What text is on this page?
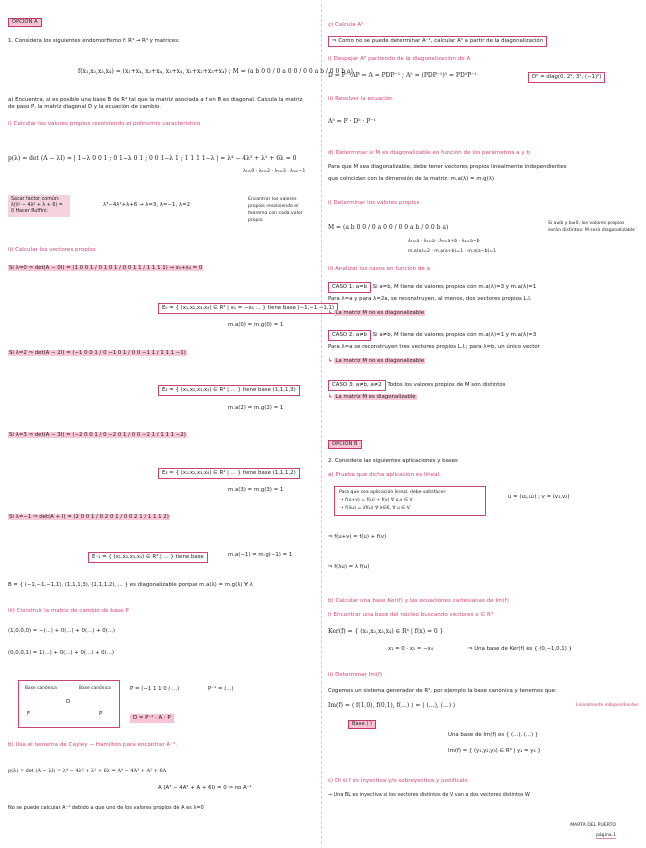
OPCIÓN A
1. Considera los siguientes endomorfismo f: R⁴ → R⁴ y matrices:
f(x₁,x₂,x₃,x₄) = (x₁+x₄, x₂+x₄, x₃+x₄, x₁+x₂+x₃+x₄) ; M = (a b 0 0 / 0 a 0 0 / 0 0 a b / 0 0 b a)
a) Encuentra, si es posible una base B de R⁴ tal que la matriz asociada a f en B es diagonal. Calcula la matriz de paso P, la matriz diagonal D y la ecuación de cambio.
i) Calcular los valores propios resolviendo el polinomio característico
p(λ) = det (A − λI) = | 1−λ 0 0 1 ; 0 1−λ 0 1 ; 0 0 1−λ 1 ; 1 1 1 1−λ | = λ⁴ − 4λ³ + λ² + 6λ = 0
λ₁=0 · λ₂=2 · λ₃=3 · λ₄=−1
Sacar factor común: λ(λ³ − 4λ² + λ + 6) = 0 Hacer Ruffini:
λ³−4λ²+λ+6 → λ=3, λ=−1, λ=2
Encontrar los valores propios resolviendo el teorema con cada valor propio
ii) Calcular los vectores propios
Si λ=0 ⇒ det(A − 0I) = (1 0 0 1 / 0 1 0 1 / 0 0 1 1 / 1 1 1 1) → x₁+x₄ = 0
E₀ = { (x₁,x₂,x₃,x₄) ∈ R⁴ | x₁ = −x₄ ... } tiene base (−1,−1,−1,1)
m.a(0) = m.g(0) = 1
Si λ=2 ⇒ det(A − 2I) = (−1 0 0 1 / 0 −1 0 1 / 0 0 −1 1 / 1 1 1 −1)
E₂ = { (x₁,x₂,x₃,x₄) ∈ R⁴ | ... } tiene base (1,1,1,3)
m.a(2) = m.g(2) = 1
Si λ=3 ⇒ det(A − 3I) = (−2 0 0 1 / 0 −2 0 1 / 0 0 −2 1 / 1 1 1 −2)
E₃ = { (x₁,x₂,x₃,x₄) ∈ R⁴ | ... } tiene base (1,1,1,2)
m.a(3) = m.g(3) = 1
Si λ=−1 ⇒ det(A + I) = (2 0 0 1 / 0 2 0 1 / 0 0 2 1 / 1 1 1 2)
E₋₁ = { (x₁,x₂,x₃,x₄) ∈ R⁴ | ... } tiene base	m.a(−1) = m.g(−1) = 1
B = { (−1,−1,−1,1), (1,1,1,3), (1,1,1,2), ... } es diagonalizable porque m.a(λ) = m.g(λ) ∀ λ
iii) Construir la matriz de cambio de base P
(1,0,0,0) = −(...) + 0(...) + 0(...) + 0(...)
(0,0,0,1) = 1(...) + 0(...) + 0(...) + 0(...)
Base canónica	Base canónica
D
F	P
P = (−1 1 1 0 / ...)	P⁻¹ = (...)
D = P⁻¹ · A · P
b) Usa el teorema de Cayley − Hamilton para encontrar A⁻¹.
p(λ) = det (A − λI) = λ⁴ − 4λ³ + λ² + 6λ ⇒ A⁴ − 4A³ + A² + 6A
A (A³ − 4A² + A + 6I) = 0 ⇒ no A⁻¹
No se puede calcular A⁻¹ debido a que uno de los valores propios de A es λ=0
c) Calcula A⁵
⇒ Como no se puede determinar A⁻¹, calcular A⁵ a partir de la diagonalización
i) Despejar A⁵ partiendo de la diagonalización de A
D = P⁻¹AP ⇒ A = PDP⁻¹ ; A⁵ = (PDP⁻¹)⁵ = PD⁵P⁻¹	D⁵ = diag(0, 2⁵, 3⁵, (−1)⁵)
ii) Resolver la ecuación
A⁵ = P · D⁵ · P⁻¹
d) Determinar si M es diagonalizable en función de los parámetros a y b
Para que M sea diagonalizable, debe tener vectores propios linealmente independientes
que coincidan con la dimensión de la matriz: m.a(λ) = m.g(λ)
i) Determinar los valores propios
M = (a b 0 0 / 0 a 0 0 / 0 0 a b / 0 0 b a)
λ₁=a · λ₂=a · λ₃=a+b · λ₄=a−b
m.a(a)=2 · m.a(a+b)=1 · m.a(a−b)=1
Si a≠b y b≠0, los valores propios serán distintos: M será diagonalizable
ii) Analizar los casos en función de a
CASO 1: a=b Si a=b, M tiene de valores propios con m.a(λ)=3 y m.a(λ)=1
Para λ=a y para λ=2a, se reconstruyen, al menos, dos vectores propios L.I.
↳ La matriz M no es diagonalizable
CASO 2: a≠b Si a≠b, M tiene de valores propios con m.a(λ)=1 y m.a(λ)=3
Para λ=a se reconstruyen tres vectores propios L.I.; para λ=b, un único vector
↳ La matriz M no es diagonalizable
CASO 3: a≠b, a≠2 Todos los valores propios de M son distintos
↳ La matriz M es diagonalizable
OPCIÓN B
2. Considera las siguientes aplicaciones y bases
a) Prueba que dicha aplicación es lineal.
Para que sea aplicación lineal, debe satisfacer:
• f(u+v) = f(u) + f(v) ∀ u,v ∈ V
• f(λu) = λf(u) ∀ λ∈K, ∀ u ∈ V
u = (u₁,u₂) ; v = (v₁,v₂)
⇒ f(u+v) = f(u) + f(v)
⇒ f(λu) = λ f(u)
b) Calcular una base Ker(f) y las ecuaciones cartesianas de Im(f)
i) Encontrar una base del núcleo buscando vectores x ∈ R⁴
Ker(f) = { (x₁,x₂,x₃,x₄) ∈ R⁴ | f(x) = 0 }
x₁ = 0 · x₂ = −x₄	⇒ Una base de Ker(f) es { (0,−1,0,1) }
ii) Determinar Im(f)
Cogemos un sistema generador de R⁴, por ejemplo la base canónica y tenemos que:
Im(f) = ⟨ f(1,0), f(0,1), f(...) ⟩ = ⟨ (...), (...) ⟩	Linealmente independientes
Base ⟨ ⟩
Una base de Im(f) es { (...), (...) }
Im(f) = { (y₁,y₂,y₃) ∈ R³ | y₁ = y₂ }
c) Di si f es inyectiva y/o sobreyectiva y justifícalo
⇒ Una BL es inyectiva si los vectores distintos de V van a dos vectores distintos W
MARTA DEL PUERTO
página 1
